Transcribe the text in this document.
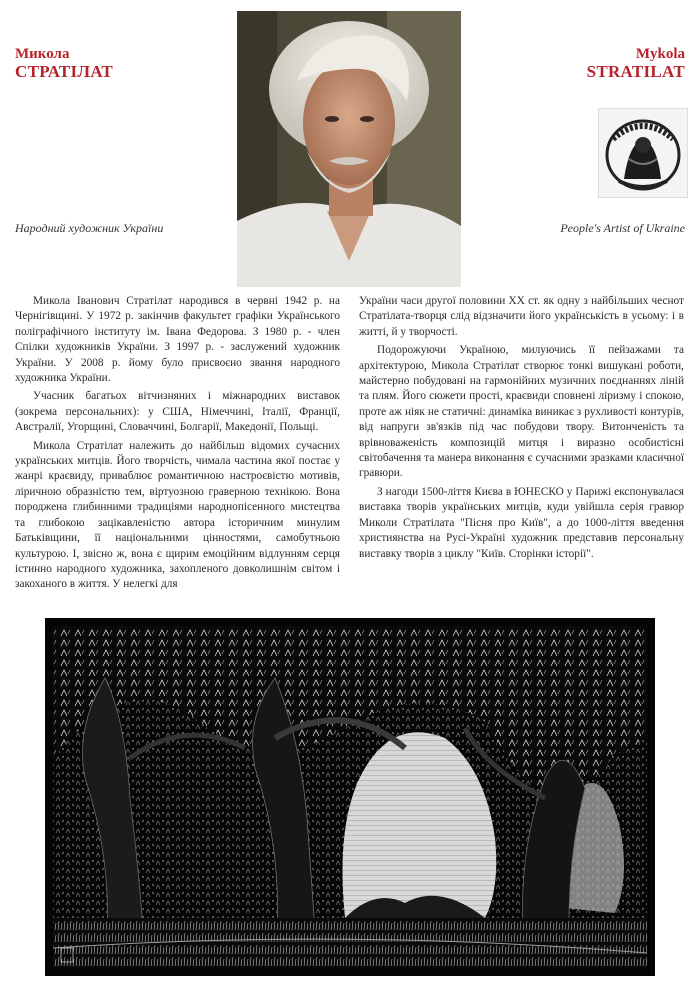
Микола
СТРАТІЛАТ
Mykola
STRATILAT
Народний художник України	People's Artist of Ukraine

Микола Іванович Стратілат народився в червні 1942 р. на Чернігівщині. У 1972 р. закінчив факультет графіки Українського поліграфічного інституту ім. Івана Федорова. З 1980 р. - член Спілки художників України. З 1997 р. - заслужений художник України. У 2008 р. йому було присвоєно звання народного художника України.

Учасник багатьох вітчизняних і міжнародних виставок (зокрема персональних): у США, Німеччині, Італії, Франції, Австралії, Угорщині, Словаччині, Болгарії, Македонії, Польщі.

Микола Стратілат належить до найбільш відомих сучасних українських митців. Його творчість, чимала частина якої постає у жанрі краєвиду, приваблює романтичною настроєвістю мотивів, ліричною образністю тем, віртуозною граверною технікою. Вона породжена глибинними традиціями народнопісенного мистецтва та глибокою зацікавленістю автора історичним минулим Батьківщини, її національними цінностями, самобутньою культурою. І, звісно ж, вона є щирим емоційним відлунням серця істинно народного художника, захопленого довколишнім світом і закоханого в життя. У нелегкі для

України часи другої половини ХХ ст. як одну з найбільших чеснот Стратілата-творця слід відзначити його українськість в усьому: і в житті, й у творчості.

Подорожуючи Україною, милуючись її пейзажами та архітектурою, Микола Стратілат створює тонкі вишукані роботи, майстерно побудовані на гармонійних музичних поєднаннях ліній та плям. Його сюжети прості, краєвиди сповнені ліризму і спокою, проте аж ніяк не статичні: динаміка виникає з рухливості контурів, від напруги зв'язків під час побудови твору. Витонченість та врівноваженість композицій митця і виразно особистісні світобачення та манера виконання є сучасними зразками класичної гравюри.

З нагоди 1500-ліття Києва в ЮНЕСКО у Парижі експонувалася виставка творів українських митців, куди увійшла серія гравюр Миколи Стратілата "Пісня про Київ", а до 1000-ліття введення християнства на Русі-Україні художник представив персональну виставку творів з циклу "Київ. Сторінки історії".
